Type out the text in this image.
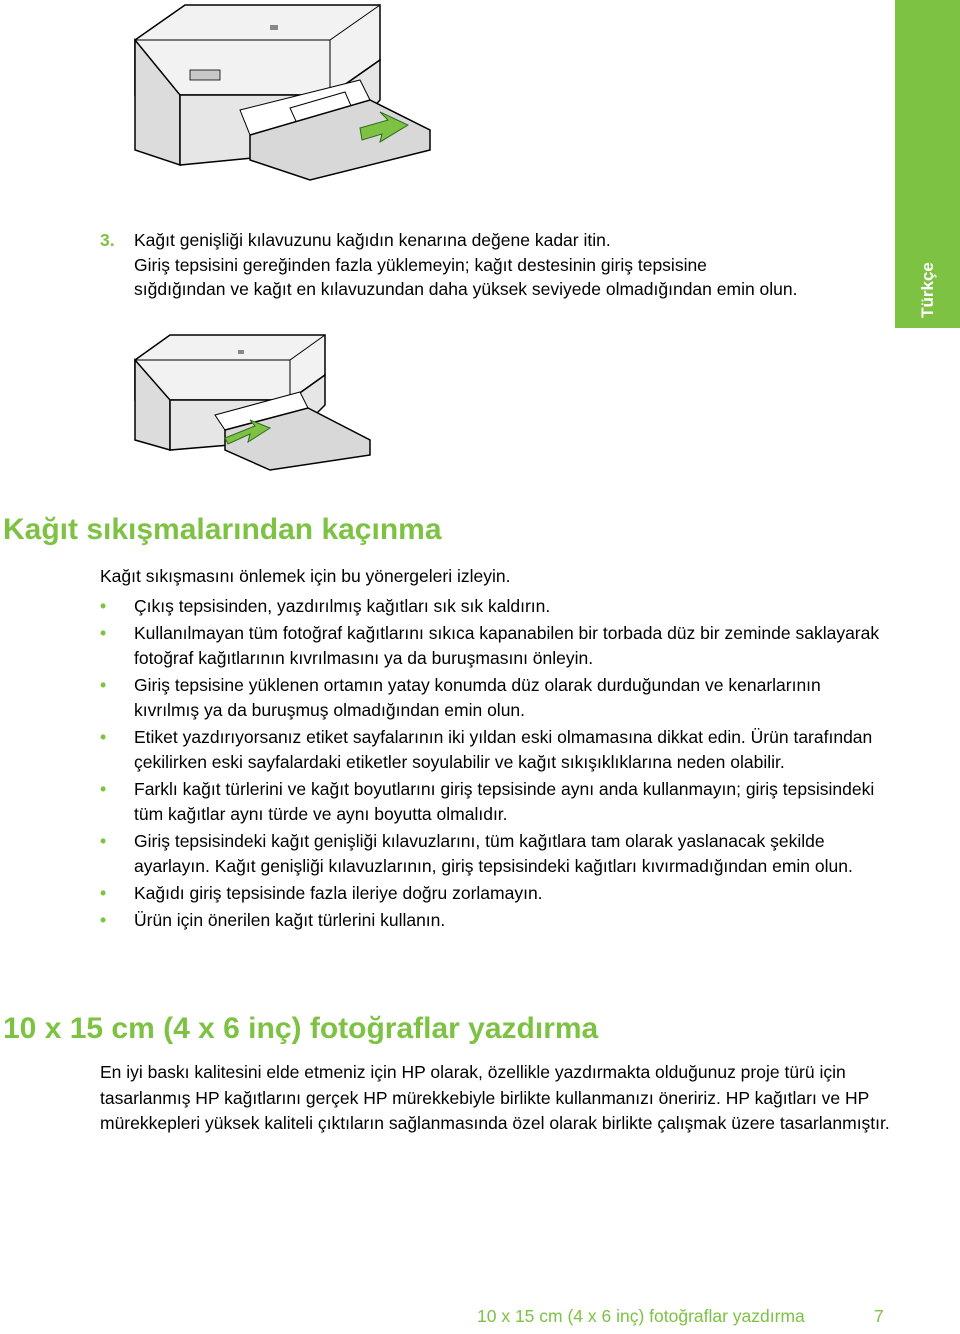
Türkçe
3. Kağıt genişliği kılavuzunu kağıdın kenarına değene kadar itin.
Giriş tepsisini gereğinden fazla yüklemeyin; kağıt destesinin giriş tepsisine
sığdığından ve kağıt en kılavuzundan daha yüksek seviyede olmadığından emin olun.
Kağıt sıkışmalarından kaçınma

Kağıt sıkışmasını önlemek için bu yönergeleri izleyin.

• Çıkış tepsisinden, yazdırılmış kağıtları sık sık kaldırın.
• Kullanılmayan tüm fotoğraf kağıtlarını sıkıca kapanabilen bir torbada düz bir zeminde saklayarak fotoğraf kağıtlarının kıvrılmasını ya da buruşmasını önleyin.
• Giriş tepsisine yüklenen ortamın yatay konumda düz olarak durduğundan ve kenarlarının kıvrılmış ya da buruşmuş olmadığından emin olun.
• Etiket yazdırıyorsanız etiket sayfalarının iki yıldan eski olmamasına dikkat edin. Ürün tarafından çekilirken eski sayfalardaki etiketler soyulabilir ve kağıt sıkışıklıklarına neden olabilir.
• Farklı kağıt türlerini ve kağıt boyutlarını giriş tepsisinde aynı anda kullanmayın; giriş tepsisindeki tüm kağıtlar aynı türde ve aynı boyutta olmalıdır.
• Giriş tepsisindeki kağıt genişliği kılavuzlarını, tüm kağıtlara tam olarak yaslanacak şekilde ayarlayın. Kağıt genişliği kılavuzlarının, giriş tepsisindeki kağıtları kıvırmadığından emin olun.
• Kağıdı giriş tepsisinde fazla ileriye doğru zorlamayın.
• Ürün için önerilen kağıt türlerini kullanın.
10 x 15 cm (4 x 6 inç) fotoğraflar yazdırma

En iyi baskı kalitesini elde etmeniz için HP olarak, özellikle yazdırmakta olduğunuz proje türü için tasarlanmış HP kağıtlarını gerçek HP mürekkebiyle birlikte kullanmanızı öneririz. HP kağıtları ve HP mürekkepleri yüksek kaliteli çıktıların sağlanmasında özel olarak birlikte çalışmak üzere tasarlanmıştır.

10 x 15 cm (4 x 6 inç) fotoğraflar yazdırma	7
